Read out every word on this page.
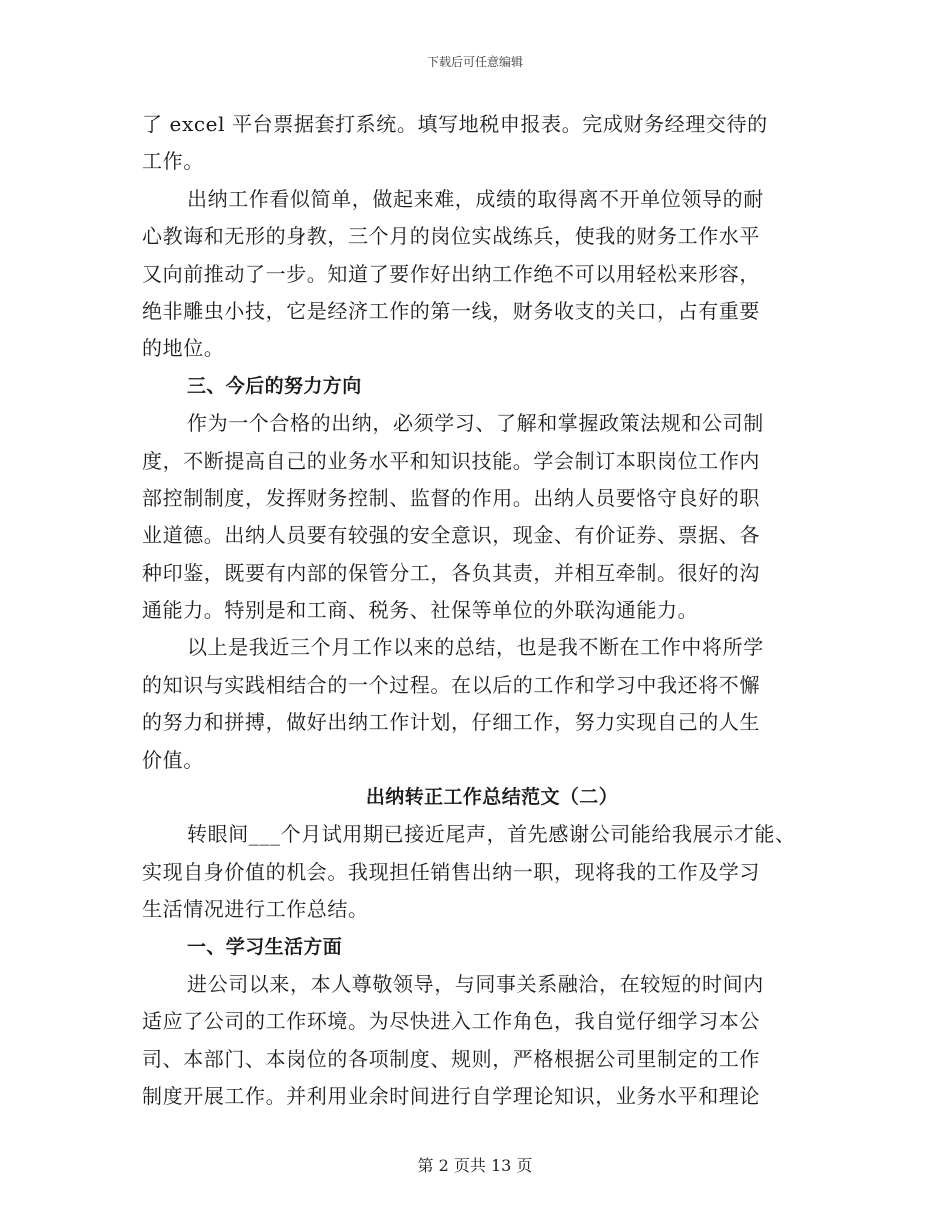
下载后可任意编辑
了 excel 平台票据套打系统。填写地税申报表。完成财务经理交待的
工作。
出纳工作看似简单，做起来难，成绩的取得离不开单位领导的耐
心教诲和无形的身教，三个月的岗位实战练兵，使我的财务工作水平
又向前推动了一步。知道了要作好出纳工作绝不可以用轻松来形容，
绝非雕虫小技，它是经济工作的第一线，财务收支的关口，占有重要
的地位。
三、今后的努力方向
作为一个合格的出纳，必须学习、了解和掌握政策法规和公司制
度，不断提高自己的业务水平和知识技能。学会制订本职岗位工作内
部控制制度，发挥财务控制、监督的作用。出纳人员要恪守良好的职
业道德。出纳人员要有较强的安全意识，现金、有价证券、票据、各
种印鉴，既要有内部的保管分工，各负其责，并相互牵制。很好的沟
通能力。特别是和工商、税务、社保等单位的外联沟通能力。
以上是我近三个月工作以来的总结，也是我不断在工作中将所学
的知识与实践相结合的一个过程。在以后的工作和学习中我还将不懈
的努力和拼搏，做好出纳工作计划，仔细工作，努力实现自己的人生
价值。
出纳转正工作总结范文（二）
转眼间___个月试用期已接近尾声，首先感谢公司能给我展示才能、
实现自身价值的机会。我现担任销售出纳一职，现将我的工作及学习
生活情况进行工作总结。
一、学习生活方面
进公司以来，本人尊敬领导，与同事关系融洽，在较短的时间内
适应了公司的工作环境。为尽快进入工作角色，我自觉仔细学习本公
司、本部门、本岗位的各项制度、规则，严格根据公司里制定的工作
制度开展工作。并利用业余时间进行自学理论知识，业务水平和理论
第 2 页共 13 页
